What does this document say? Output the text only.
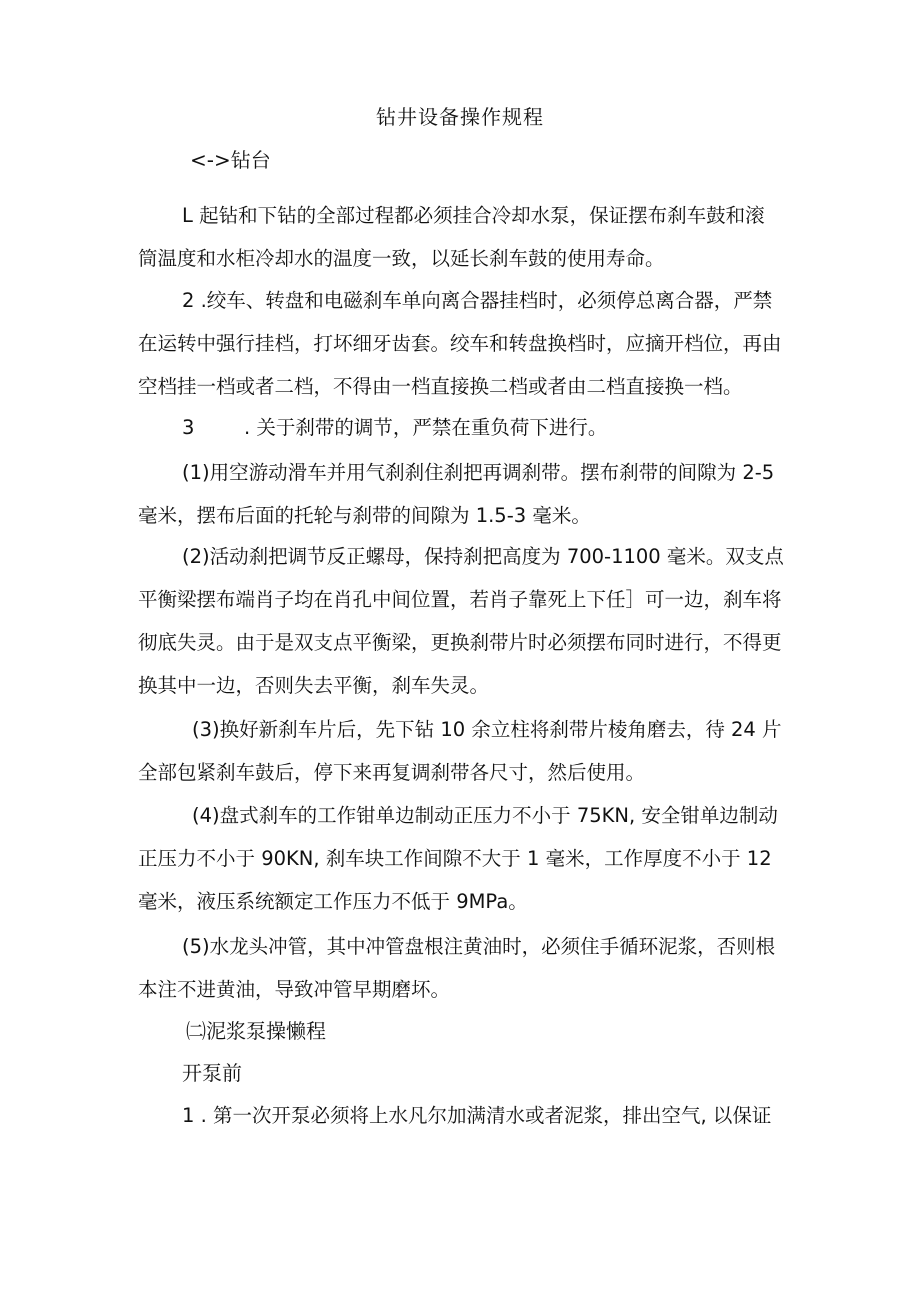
钻井设备操作规程
<->钻台
L 起钻和下钻的全部过程都必须挂合冷却水泵，保证摆布刹车鼓和滚
筒温度和水柜冷却水的温度一致，以延长刹车鼓的使用寿命。
2 .绞车、转盘和电磁刹车单向离合器挂档时，必须停总离合器，严禁
在运转中强行挂档，打坏细牙齿套。绞车和转盘换档时，应摘开档位，再由
空档挂一档或者二档，不得由一档直接换二档或者由二档直接换一档。
3        . 关于刹带的调节，严禁在重负荷下进行。
(1)用空游动滑车并用气刹刹住刹把再调刹带。摆布刹带的间隙为 2-5
毫米，摆布后面的托轮与刹带的间隙为 1.5-3 毫米。
(2)活动刹把调节反正螺母，保持刹把高度为 700-1100 毫米。双支点
平衡梁摆布端肖子均在肖孔中间位置，若肖子靠死上下任］可一边，刹车将
彻底失灵。由于是双支点平衡梁，更换刹带片时必须摆布同时进行，不得更
换其中一边，否则失去平衡，刹车失灵。
(3)换好新刹车片后，先下钻 10 余立柱将刹带片棱角磨去，待 24 片
全部包紧刹车鼓后，停下来再复调刹带各尺寸，然后使用。
(4)盘式刹车的工作钳单边制动正压力不小于 75KN, 安全钳单边制动
正压力不小于 90KN, 刹车块工作间隙不大于 1 毫米，工作厚度不小于 12
毫米，液压系统额定工作压力不低于 9MPa。
(5)水龙头冲管，其中冲管盘根注黄油时，必须住手循环泥浆，否则根
本注不进黄油，导致冲管早期磨坏。
㈡泥浆泵操懒程
开泵前
1 . 第一次开泵必须将上水凡尔加满清水或者泥浆，排出空气, 以保证
